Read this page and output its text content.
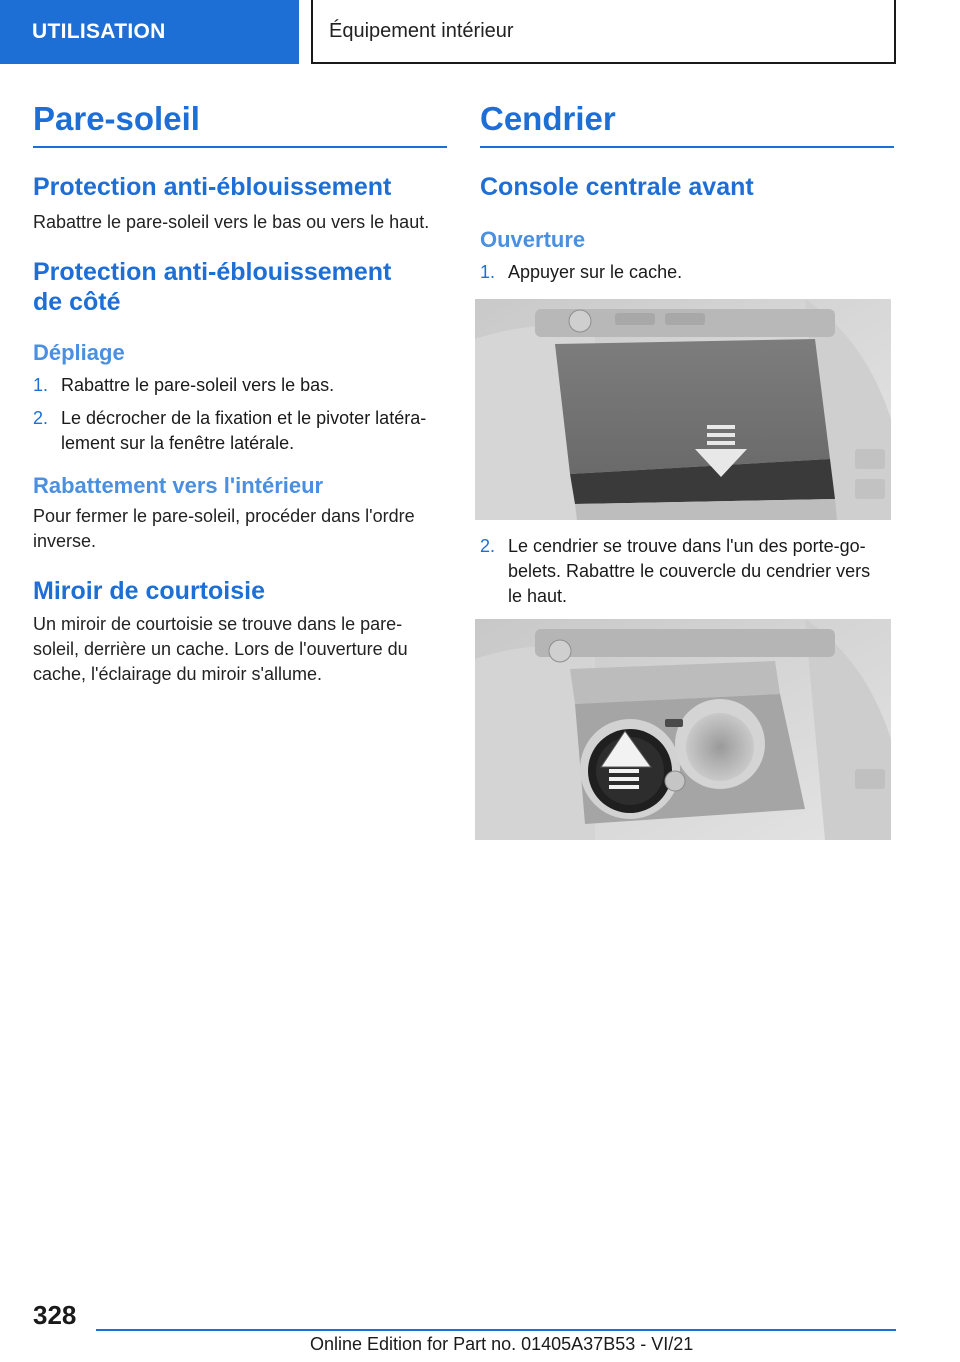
UTILISATION	Équipement intérieur
Pare-soleil
Protection anti-éblouissement

Rabattre le pare-soleil vers le bas ou vers le haut.

Protection anti-éblouissement
de côté
Dépliage
1. Rabattre le pare-soleil vers le bas.
2. Le décrocher de la fixation et le pivoter latéra-
lement sur la fenêtre latérale.
Rabattement vers l'intérieur

Pour fermer le pare-soleil, procéder dans l'ordre
inverse.

Miroir de courtoisie

Un miroir de courtoisie se trouve dans le pare-
soleil, derrière un cache. Lors de l'ouverture du
cache, l'éclairage du miroir s'allume.

Cendrier
Console centrale avant
Ouverture
1. Appuyer sur le cache.
2. Le cendrier se trouve dans l'un des porte-go-
belets. Rabattre le couvercle du cendrier vers
le haut.
328
Online Edition for Part no. 01405A37B53 - VI/21
